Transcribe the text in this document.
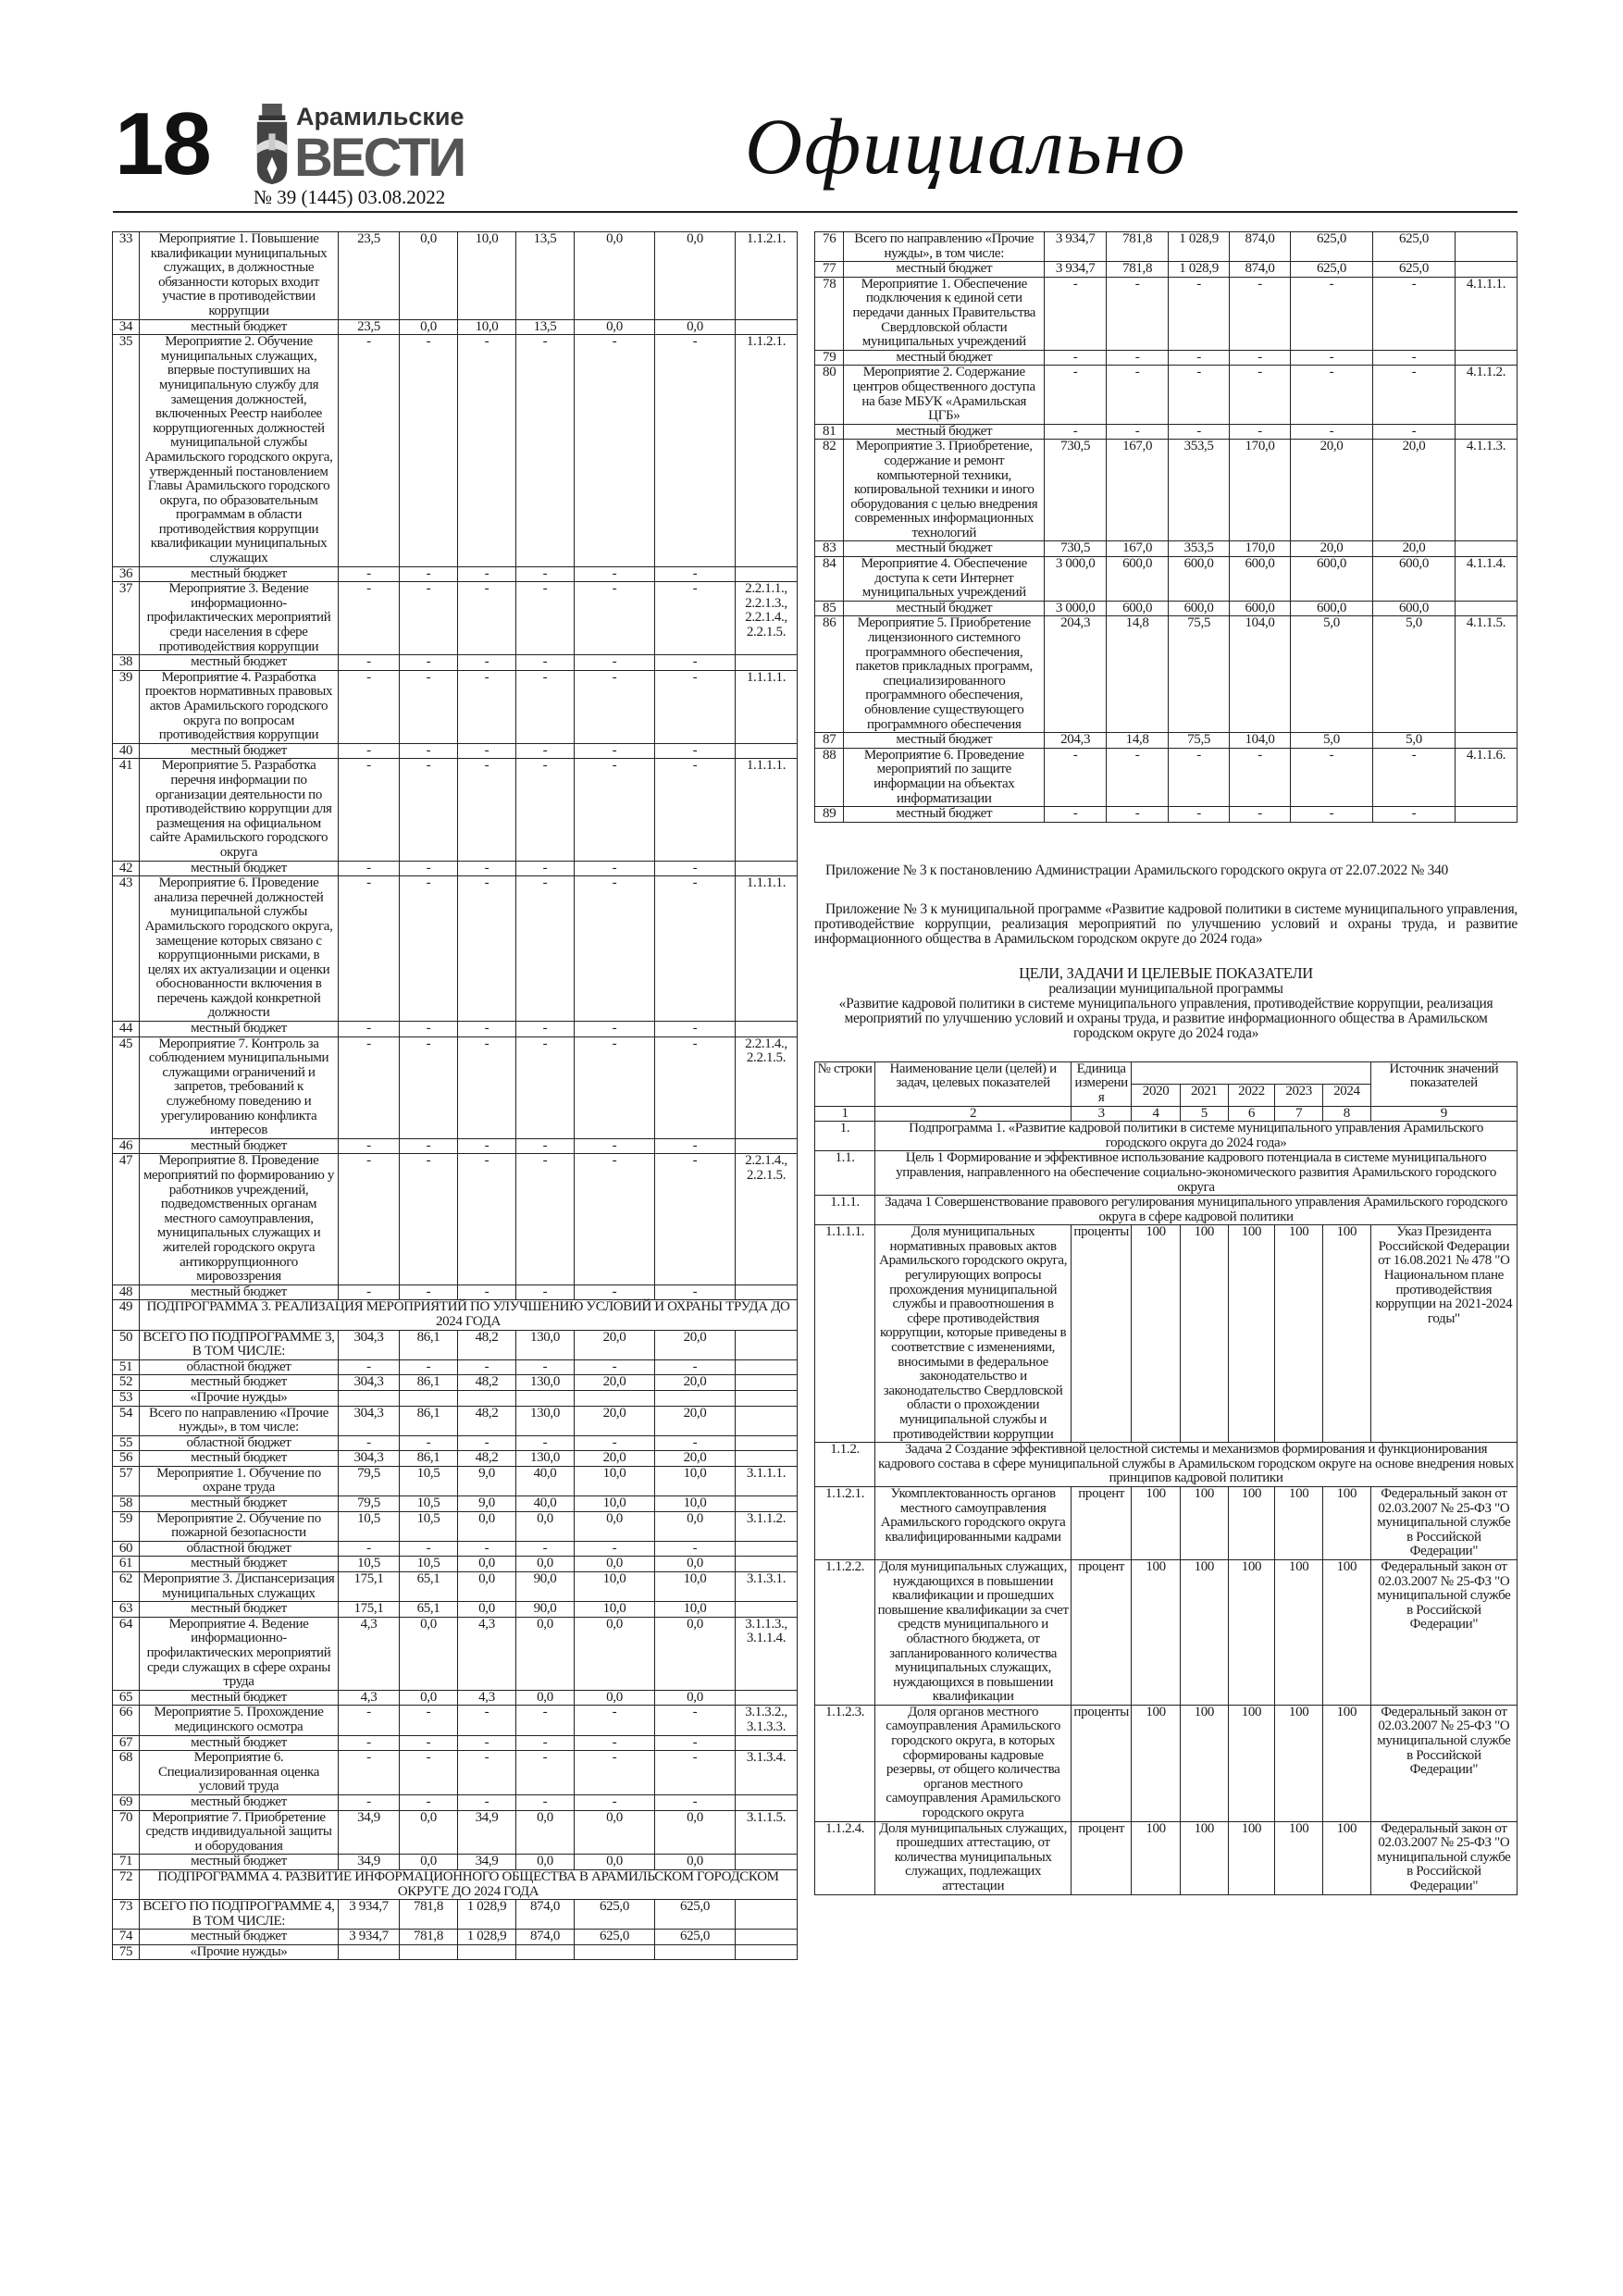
18	Арамильские
ВЕСТИ
№ 39 (1445) 03.08.2022
Официально
33	Мероприятие 1. Повышение квалификации муниципальных служащих, в должностные обязанности которых входит участие в противодействии коррупции	23,5	0,0	10,0	13,5	0,0	0,0	1.1.2.1.
34	местный бюджет	23,5	0,0	10,0	13,5	0,0	0,0	
35	Мероприятие 2. Обучение муниципальных служащих, впервые поступивших на муниципальную службу для замещения должностей, включенных Реестр наиболее коррупциогенных должностей муниципальной службы Арамильского городского округа, утвержденный постановлением Главы Арамильского городского округа, по образовательным программам в области противодействия коррупции квалификации муниципальных служащих	-	-	-	-	-	-	1.1.2.1.
36	местный бюджет	-	-	-	-	-	-	
37	Мероприятие 3. Ведение информационно-профилактических мероприятий среди населения в сфере противодействия коррупции	-	-	-	-	-	-	2.2.1.1., 2.2.1.3., 2.2.1.4., 2.2.1.5.
38	местный бюджет	-	-	-	-	-	-	
39	Мероприятие 4. Разработка проектов нормативных правовых актов Арамильского городского округа по вопросам противодействия коррупции	-	-	-	-	-	-	1.1.1.1.
40	местный бюджет	-	-	-	-	-	-	
41	Мероприятие 5. Разработка перечня информации по организации деятельности по противодействию коррупции для размещения на официальном сайте Арамильского городского округа	-	-	-	-	-	-	1.1.1.1.
42	местный бюджет	-	-	-	-	-	-	
43	Мероприятие 6. Проведение анализа перечней должностей муниципальной службы Арамильского городского округа, замещение которых связано с коррупционными рисками, в целях их актуализации и оценки обоснованности включения в перечень каждой конкретной должности	-	-	-	-	-	-	1.1.1.1.
44	местный бюджет	-	-	-	-	-	-	
45	Мероприятие 7. Контроль за соблюдением муниципальными служащими ограничений и запретов, требований к служебному поведению и урегулированию конфликта интересов	-	-	-	-	-	-	2.2.1.4., 2.2.1.5.
46	местный бюджет	-	-	-	-	-	-	
47	Мероприятие 8. Проведение мероприятий по формированию у работников учреждений, подведомственных органам местного самоуправления, муниципальных служащих и жителей городского округа антикоррупционного мировоззрения	-	-	-	-	-	-	2.2.1.4., 2.2.1.5.
48	местный бюджет	-	-	-	-	-	-	
49	ПОДПРОГРАММА 3. РЕАЛИЗАЦИЯ МЕРОПРИЯТИЙ ПО УЛУЧШЕНИЮ УСЛОВИЙ И ОХРАНЫ ТРУДА ДО 2024 ГОДА							
50	ВСЕГО ПО ПОДПРОГРАММЕ 3, В ТОМ ЧИСЛЕ:	304,3	86,1	48,2	130,0	20,0	20,0	
51	областной бюджет	-	-	-	-	-	-	
52	местный бюджет	304,3	86,1	48,2	130,0	20,0	20,0	
53	«Прочие нужды»							
54	Всего по направлению «Прочие нужды», в том числе:	304,3	86,1	48,2	130,0	20,0	20,0	
55	областной бюджет	-	-	-	-	-	-	
56	местный бюджет	304,3	86,1	48,2	130,0	20,0	20,0	
57	Мероприятие 1. Обучение по охране труда	79,5	10,5	9,0	40,0	10,0	10,0	3.1.1.1.
58	местный бюджет	79,5	10,5	9,0	40,0	10,0	10,0	
59	Мероприятие 2. Обучение по пожарной безопасности	10,5	10,5	0,0	0,0	0,0	0,0	3.1.1.2.
60	областной бюджет	-	-	-	-	-	-	
61	местный бюджет	10,5	10,5	0,0	0,0	0,0	0,0	
62	Мероприятие 3. Диспансеризация муниципальных служащих	175,1	65,1	0,0	90,0	10,0	10,0	3.1.3.1.
63	местный бюджет	175,1	65,1	0,0	90,0	10,0	10,0	
64	Мероприятие 4. Ведение информационно-профилактических мероприятий среди служащих в сфере охраны труда	4,3	0,0	4,3	0,0	0,0	0,0	3.1.1.3., 3.1.1.4.
65	местный бюджет	4,3	0,0	4,3	0,0	0,0	0,0	
66	Мероприятие 5. Прохождение медицинского осмотра	-	-	-	-	-	-	3.1.3.2., 3.1.3.3.
67	местный бюджет	-	-	-	-	-	-	
68	Мероприятие 6. Специализированная оценка условий труда	-	-	-	-	-	-	3.1.3.4.
69	местный бюджет	-	-	-	-	-	-	
70	Мероприятие 7. Приобретение средств индивидуальной защиты и оборудования	34,9	0,0	34,9	0,0	0,0	0,0	3.1.1.5.
71	местный бюджет	34,9	0,0	34,9	0,0	0,0	0,0	
72	ПОДПРОГРАММА 4. РАЗВИТИЕ ИНФОРМАЦИОННОГО ОБЩЕСТВА В АРАМИЛЬСКОМ ГОРОДСКОМ ОКРУГЕ ДО 2024 ГОДА							
73	ВСЕГО ПО ПОДПРОГРАММЕ 4, В ТОМ ЧИСЛЕ:	3 934,7	781,8	1 028,9	874,0	625,0	625,0	
74	местный бюджет	3 934,7	781,8	1 028,9	874,0	625,0	625,0	
75	«Прочие нужды»							
76	Всего по направлению «Прочие нужды», в том числе:	3 934,7	781,8	1 028,9	874,0	625,0	625,0	
77	местный бюджет	3 934,7	781,8	1 028,9	874,0	625,0	625,0	
78	Мероприятие 1. Обеспечение подключения к единой сети передачи данных Правительства Свердловской области муниципальных учреждений	-	-	-	-	-	-	4.1.1.1.
79	местный бюджет	-	-	-	-	-	-	
80	Мероприятие 2. Содержание центров общественного доступа на базе МБУК «Арамильская ЦГБ»	-	-	-	-	-	-	4.1.1.2.
81	местный бюджет	-	-	-	-	-	-	
82	Мероприятие 3. Приобретение, содержание и ремонт компьютерной техники, копировальной техники и иного оборудования с целью внедрения современных информационных технологий	730,5	167,0	353,5	170,0	20,0	20,0	4.1.1.3.
83	местный бюджет	730,5	167,0	353,5	170,0	20,0	20,0	
84	Мероприятие 4. Обеспечение доступа к сети Интернет муниципальных учреждений	3 000,0	600,0	600,0	600,0	600,0	600,0	4.1.1.4.
85	местный бюджет	3 000,0	600,0	600,0	600,0	600,0	600,0	
86	Мероприятие 5. Приобретение лицензионного системного программного обеспечения, пакетов прикладных программ, специализированного программного обеспечения, обновление существующего программного обеспечения	204,3	14,8	75,5	104,0	5,0	5,0	4.1.1.5.
87	местный бюджет	204,3	14,8	75,5	104,0	5,0	5,0	
88	Мероприятие 6. Проведение мероприятий по защите информации на объектах информатизации	-	-	-	-	-	-	4.1.1.6.
89	местный бюджет	-	-	-	-	-	-	
Приложение № 3 к постановлению Администрации Арамильского городского округа от 22.07.2022 № 340
Приложение № 3 к муниципальной программе «Развитие кадровой политики в системе муниципального управления, противодействие коррупции, реализация мероприятий по улучшению условий и охраны труда, и развитие информационного общества в Арамильском городском округе до 2024 года»
ЦЕЛИ, ЗАДАЧИ И ЦЕЛЕВЫЕ ПОКАЗАТЕЛИ
реализации муниципальной программы
«Развитие кадровой политики в системе муниципального управления, противодействие коррупции, реализация мероприятий по улучшению условий и охраны труда, и развитие информационного общества в Арамильском городском округе до 2024 года»
№ строки	Наименование цели (целей) и задач, целевых показателей	Единица измерения						Источник значений показателей
			2020	2021	2022	2023	2024	
1	2	3	4	5	6	7	8	9
1.	Подпрограмма 1. «Развитие кадровой политики в системе муниципального управления Арамильского городского округа до 2024 года»							
1.1.	Цель 1 Формирование и эффективное использование кадрового потенциала в системе муниципального управления, направленного на обеспечение социально-экономического развития Арамильского городского округа							
1.1.1.	Задача 1 Совершенствование правового регулирования муниципального управления Арамильского городского округа в сфере кадровой политики							
1.1.1.1.	Доля муниципальных нормативных правовых актов Арамильского городского округа, регулирующих вопросы прохождения муниципальной службы и правоотношения в сфере противодействия коррупции, которые приведены в соответствие с изменениями, вносимыми в федеральное законодательство и законодательство Свердловской области о прохождении муниципальной службы и противодействии коррупции	проценты	100	100	100	100	100	Указ Президента Российской Федерации от 16.08.2021 № 478 "О Национальном плане противодействия коррупции на 2021-2024 годы"
1.1.2.	Задача 2 Создание эффективной целостной системы и механизмов формирования и функционирования кадрового состава в сфере муниципальной службы в Арамильском городском округе на основе внедрения новых принципов кадровой политики							
1.1.2.1.	Укомплектованность органов местного самоуправления Арамильского городского округа квалифицированными кадрами	процент	100	100	100	100	100	Федеральный закон от 02.03.2007 № 25-ФЗ "О муниципальной службе в Российской Федерации"
1.1.2.2.	Доля муниципальных служащих, нуждающихся в повышении квалификации и прошедших повышение квалификации за счет средств муниципального и областного бюджета, от запланированного количества муниципальных служащих, нуждающихся в повышении квалификации	процент	100	100	100	100	100	Федеральный закон от 02.03.2007 № 25-ФЗ "О муниципальной службе в Российской Федерации"
1.1.2.3.	Доля органов местного самоуправления Арамильского городского округа, в которых сформированы кадровые резервы, от общего количества органов местного самоуправления Арамильского городского округа	проценты	100	100	100	100	100	Федеральный закон от 02.03.2007 № 25-ФЗ "О муниципальной службе в Российской Федерации"
1.1.2.4.	Доля муниципальных служащих, прошедших аттестацию, от количества муниципальных служащих, подлежащих аттестации	процент	100	100	100	100	100	Федеральный закон от 02.03.2007 № 25-ФЗ "О муниципальной службе в Российской Федерации"
